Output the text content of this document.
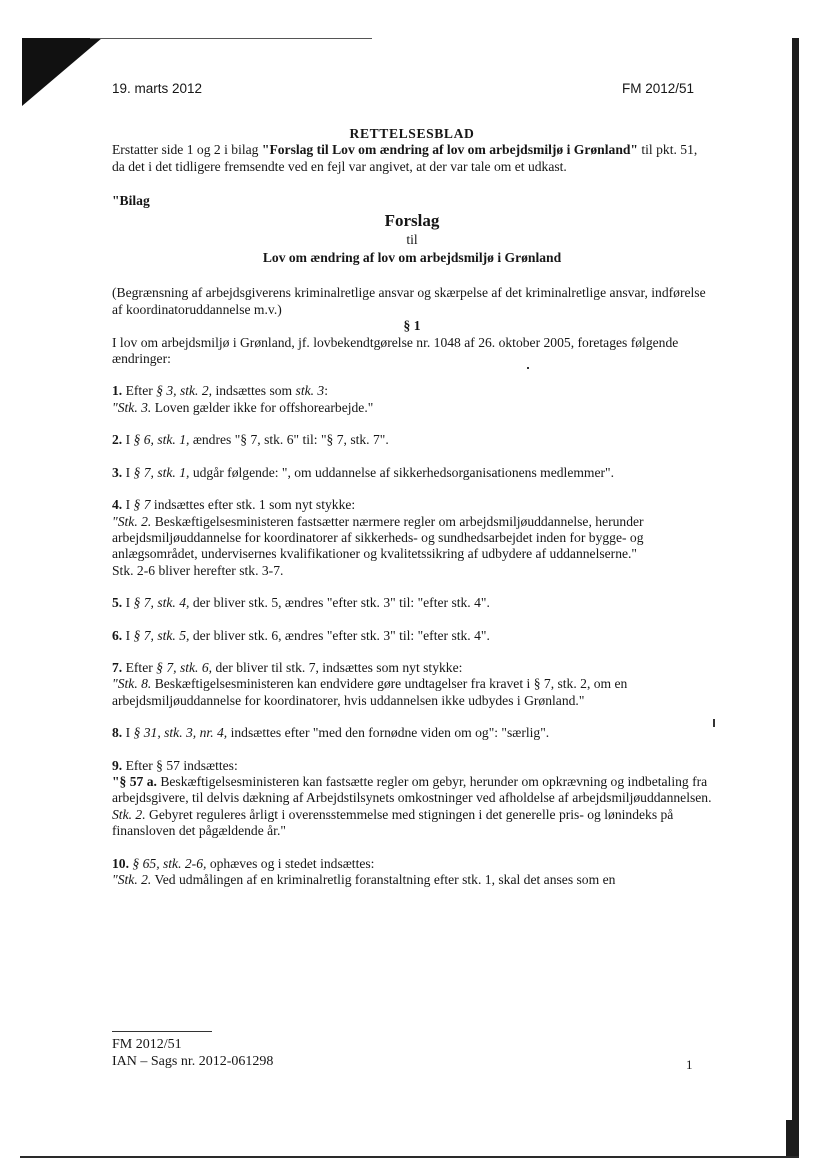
19. marts 2012	FM 2012/51

RETTELSESBLAD

Erstatter side 1 og 2 i bilag "Forslag til Lov om ændring af lov om arbejdsmiljø i Grønland" til pkt. 51, da det i det tidligere fremsendte ved en fejl var angivet, at der var tale om et udkast.

"Bilag

Forslag

til

Lov om ændring af lov om arbejdsmiljø i Grønland

(Begrænsning af arbejdsgiverens kriminalretlige ansvar og skærpelse af det kriminalretlige ansvar, indførelse af koordinatoruddannelse m.v.)

§ 1

I lov om arbejdsmiljø i Grønland, jf. lovbekendtgørelse nr. 1048 af 26. oktober 2005, foretages følgende ændringer:

1. Efter § 3, stk. 2, indsættes som stk. 3:

"Stk. 3. Loven gælder ikke for offshorearbejde."

2. I § 6, stk. 1, ændres "§ 7, stk. 6" til: "§ 7, stk. 7".

3. I § 7, stk. 1, udgår følgende: ", om uddannelse af sikkerhedsorganisationens medlemmer".

4. I § 7 indsættes efter stk. 1 som nyt stykke:

"Stk. 2. Beskæftigelsesministeren fastsætter nærmere regler om arbejdsmiljøuddannelse, herunder arbejdsmiljøuddannelse for koordinatorer af sikkerheds- og sundhedsarbejdet inden for bygge- og anlægsområdet, undervisernes kvalifikationer og kvalitetssikring af udbydere af uddannelserne."

Stk. 2-6 bliver herefter stk. 3-7.

5. I § 7, stk. 4, der bliver stk. 5, ændres "efter stk. 3" til: "efter stk. 4".

6. I § 7, stk. 5, der bliver stk. 6, ændres "efter stk. 3" til: "efter stk. 4".

7. Efter § 7, stk. 6, der bliver til stk. 7, indsættes som nyt stykke:

"Stk. 8. Beskæftigelsesministeren kan endvidere gøre undtagelser fra kravet i § 7, stk. 2, om en arbejdsmiljøuddannelse for koordinatorer, hvis uddannelsen ikke udbydes i Grønland."

8. I § 31, stk. 3, nr. 4, indsættes efter "med den fornødne viden om og": "særlig".

9. Efter § 57 indsættes:

"§ 57 a. Beskæftigelsesministeren kan fastsætte regler om gebyr, herunder om opkrævning og indbetaling fra arbejdsgivere, til delvis dækning af Arbejdstilsynets omkostninger ved afholdelse af arbejdsmiljøuddannelsen.

Stk. 2. Gebyret reguleres årligt i overensstemmelse med stigningen i det generelle pris- og lønindeks på finansloven det pågældende år."

10. § 65, stk. 2-6, ophæves og i stedet indsættes:

"Stk. 2. Ved udmålingen af en kriminalretlig foranstaltning efter stk. 1, skal det anses som en

FM 2012/51

IAN – Sags nr. 2012-061298	1
